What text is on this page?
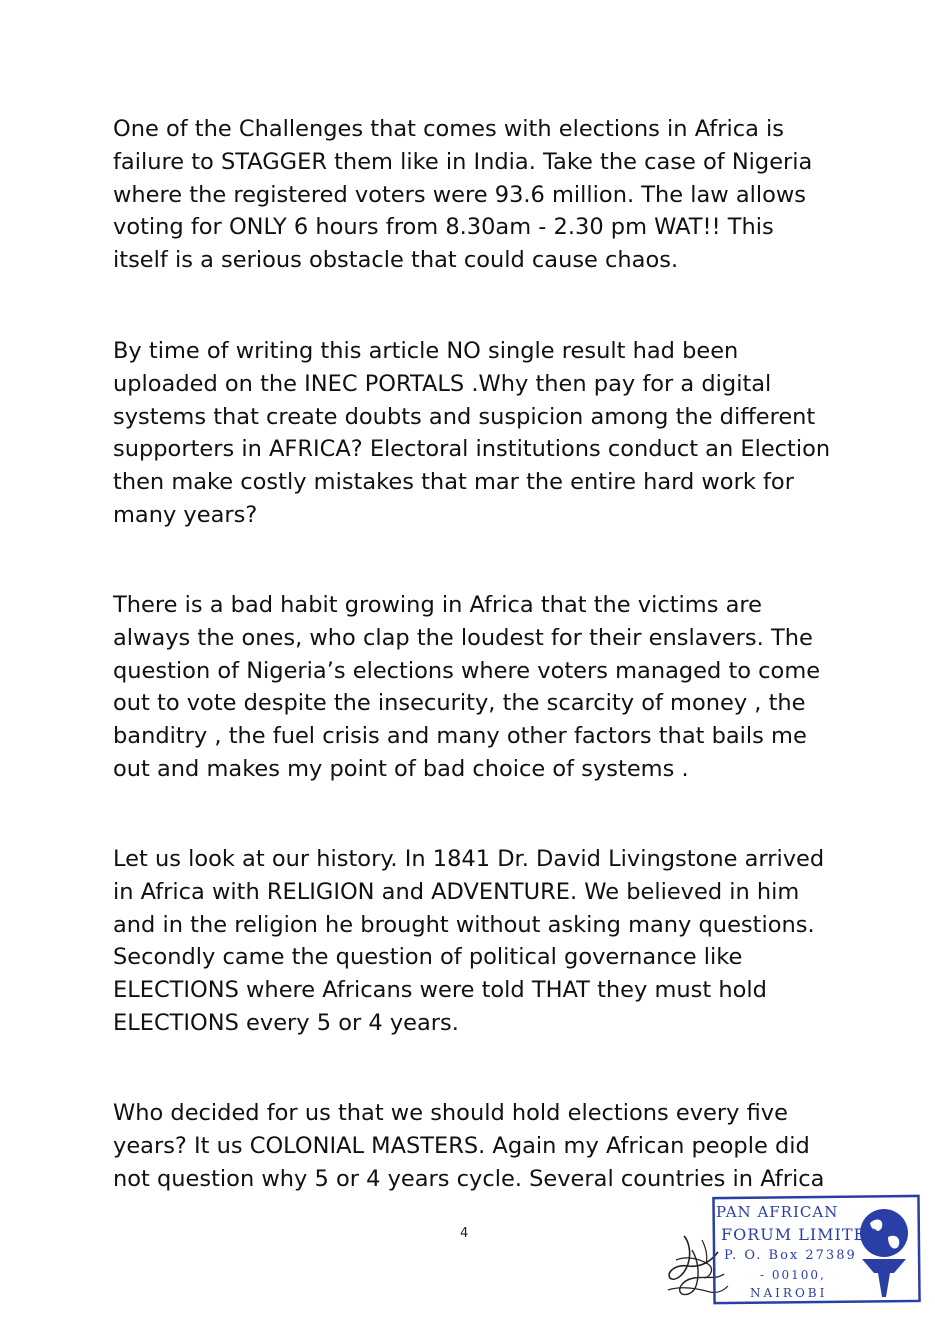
One of the Challenges that comes with elections in Africa is
failure to STAGGER them like in India. Take the case of Nigeria
where the registered voters were 93.6 million. The law allows
voting for ONLY 6 hours from 8.30am - 2.30 pm WAT!! This
itself is a serious obstacle that could cause chaos.

By time of writing this article NO single result had been
uploaded on the INEC PORTALS .Why then pay for a digital
systems that create doubts and suspicion among the different
supporters in AFRICA? Electoral institutions conduct an Election
then make costly mistakes that mar the entire hard work for
many years?

There is a bad habit growing in Africa that the victims are
always the ones, who clap the loudest for their enslavers. The
question of Nigeria’s elections where voters managed to come
out to vote despite the insecurity, the scarcity of money , the
banditry , the fuel crisis and many other factors that bails me
out and makes my point of bad choice of systems .

Let us look at our history. In 1841 Dr. David Livingstone arrived
in Africa with RELIGION and ADVENTURE. We believed in him
and in the religion he brought without asking many questions.
Secondly came the question of political governance like
ELECTIONS where Africans were told THAT they must hold
ELECTIONS every 5 or 4 years.

Who decided for us that we should hold elections every five
years? It us COLONIAL MASTERS. Again my African people did
not question why 5 or 4 years cycle. Several countries in Africa

4
PAN AFRICAN
FORUM LIMITED
P. O. Box 27389
- 00100,
NAIROBI
